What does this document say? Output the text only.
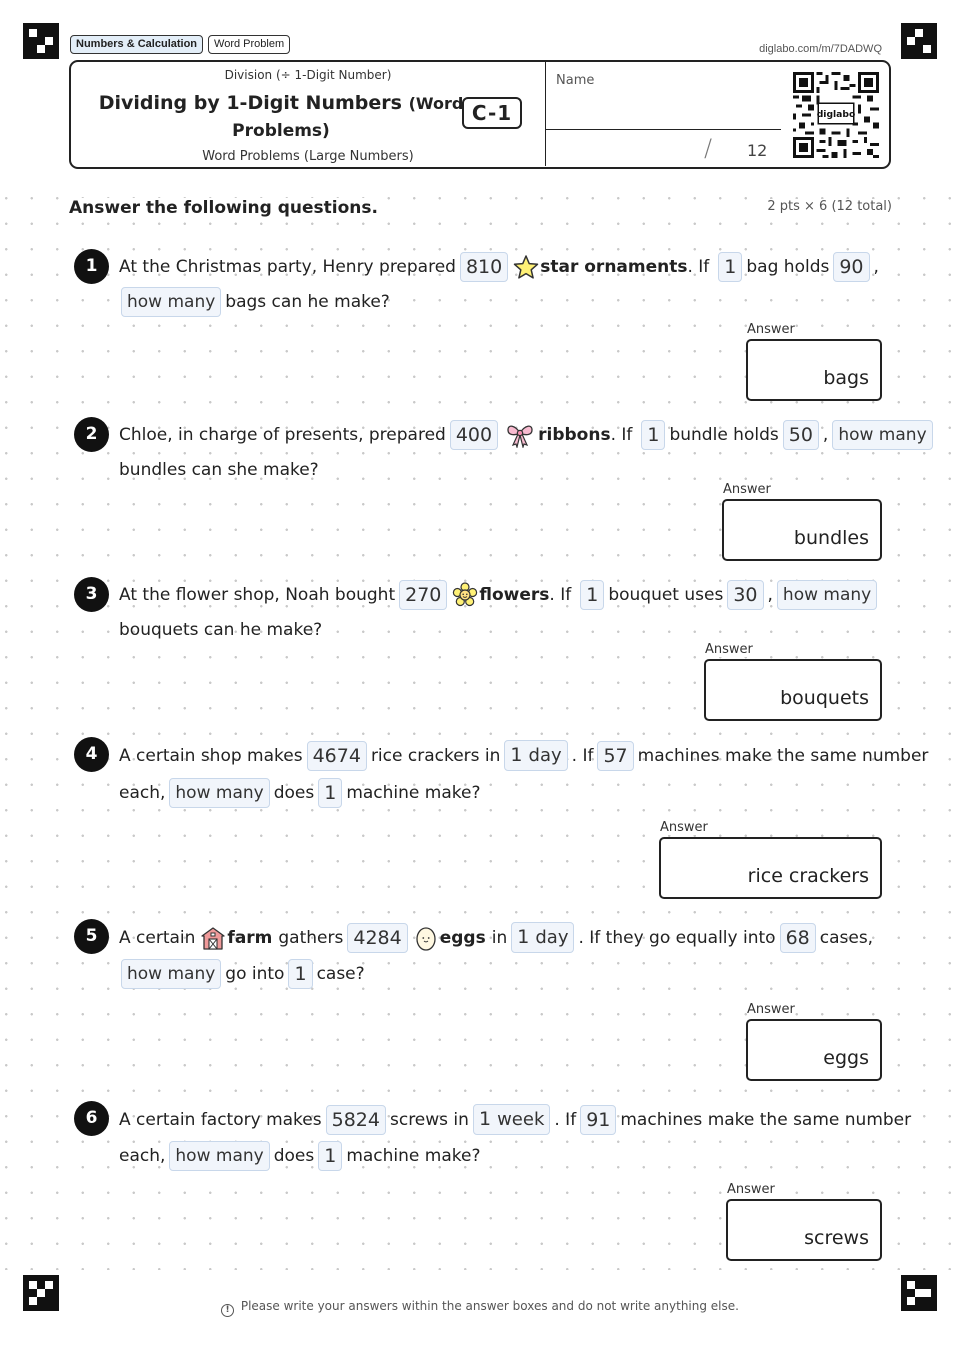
Numbers & Calculation	Word Problem	diglabo.com/m/7DADWQ
Division (÷ 1-Digit Number)
Dividing by 1-Digit Numbers (Word
Problems)
C-1
Word Problems (Large Numbers)
Name
/ 12
diglabo
Answer the following questions.	2 pts × 6 (12 total)
1	At the Christmas party, Henry prepared 810	star ornaments . If 1 bag holds 90 ,
how many bags can he make?
Answer
bags
2	Chloe, in charge of presents, prepared 400	ribbons . If 1 bundle holds 50 , how many
bundles can she make?
Answer
bundles
3	At the flower shop, Noah bought 270	flowers . If 1 bouquet uses 30 , how many
bouquets can he make?
Answer
bouquets
4	A certain shop makes 4674 rice crackers in 1 day . If 57 machines make the same number
each, how many does 1 machine make?
Answer
rice crackers
5	A certain farm gathers 4284	eggs in 1 day . If they go equally into 68 cases,
how many go into 1 case?
Answer
eggs
6	A certain factory makes 5824 screws in 1 week . If 91 machines make the same number
each, how many does 1 machine make?
Answer
screws
! Please write your answers within the answer boxes and do not write anything else.
